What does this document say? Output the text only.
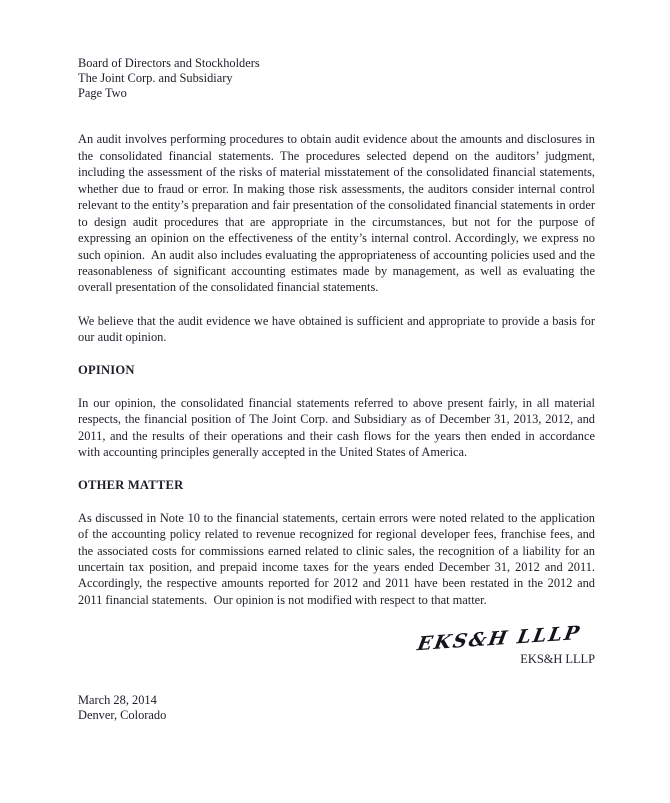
Board of Directors and Stockholders
The Joint Corp. and Subsidiary
Page Two

An audit involves performing procedures to obtain audit evidence about the amounts and disclosures in the consolidated financial statements. The procedures selected depend on the auditors’ judgment, including the assessment of the risks of material misstatement of the consolidated financial statements, whether due to fraud or error. In making those risk assessments, the auditors consider internal control relevant to the entity’s preparation and fair presentation of the consolidated financial statements in order to design audit procedures that are appropriate in the circumstances, but not for the purpose of expressing an opinion on the effectiveness of the entity’s internal control. Accordingly, we express no such opinion.  An audit also includes evaluating the appropriateness of accounting policies used and the reasonableness of significant accounting estimates made by management, as well as evaluating the overall presentation of the consolidated financial statements.

We believe that the audit evidence we have obtained is sufficient and appropriate to provide a basis for our audit opinion.

OPINION

In our opinion, the consolidated financial statements referred to above present fairly, in all material respects, the financial position of The Joint Corp. and Subsidiary as of December 31, 2013, 2012, and 2011, and the results of their operations and their cash flows for the years then ended in accordance with accounting principles generally accepted in the United States of America.

OTHER MATTER

As discussed in Note 10 to the financial statements, certain errors were noted related to the application of the accounting policy related to revenue recognized for regional developer fees, franchise fees, and the associated costs for commissions earned related to clinic sales, the recognition of a liability for an uncertain tax position, and prepaid income taxes for the years ended December 31, 2012 and 2011. Accordingly, the respective amounts reported for 2012 and 2011 have been restated in the 2012 and 2011 financial statements.  Our opinion is not modified with respect to that matter.

EKS&H LLLP
EKS&H LLLP
March 28, 2014
Denver, Colorado
